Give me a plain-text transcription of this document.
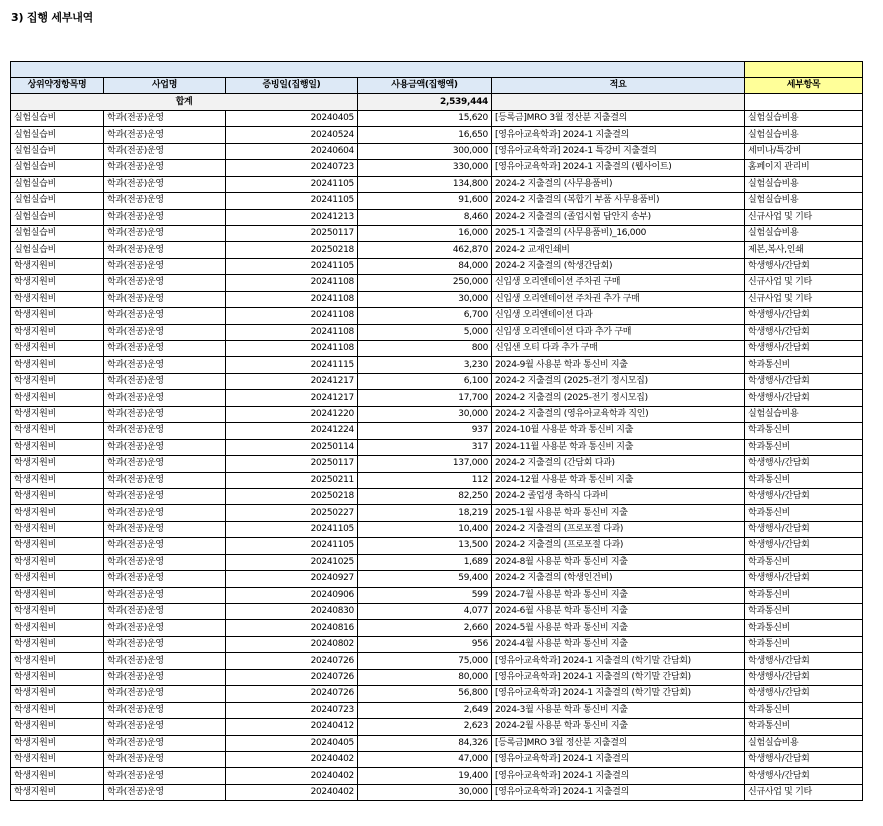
3) 집행 세부내역

상위약정항목명	사업명	증빙일(집행일)	사용금액(집행액)	적요	세부항목
합계			2,539,444		
실험실습비	학과(전공)운영	20240405	15,620	[등록금]MRO 3월 정산분 지출결의	실험실습비용
실험실습비	학과(전공)운영	20240524	16,650	[영유아교육학과] 2024-1 지출결의	실험실습비용
실험실습비	학과(전공)운영	20240604	300,000	[영유아교육학과] 2024-1 특강비 지출결의	세미나/특강비
실험실습비	학과(전공)운영	20240723	330,000	[영유아교육학과] 2024-1 지출결의 (웹사이트)	홈페이지 관리비
실험실습비	학과(전공)운영	20241105	134,800	2024-2 지출결의 (사무용품비)	실험실습비용
실험실습비	학과(전공)운영	20241105	91,600	2024-2 지출결의 (복합기 부품 사무용품비)	실험실습비용
실험실습비	학과(전공)운영	20241213	8,460	2024-2 지출결의 (졸업시험 답안지 송부)	신규사업 및 기타
실험실습비	학과(전공)운영	20250117	16,000	2025-1 지출결의 (사무용품비)_16,000	실험실습비용
실험실습비	학과(전공)운영	20250218	462,870	2024-2 교재인쇄비	제본,복사,인쇄
학생지원비	학과(전공)운영	20241105	84,000	2024-2 지출결의 (학생간담회)	학생행사/간담회
학생지원비	학과(전공)운영	20241108	250,000	신입생 오리엔테이션 주차권 구매	신규사업 및 기타
학생지원비	학과(전공)운영	20241108	30,000	신입생 오리엔테이션 주차권 추가 구매	신규사업 및 기타
학생지원비	학과(전공)운영	20241108	6,700	신입생 오리엔테이션 다과	학생행사/간담회
학생지원비	학과(전공)운영	20241108	5,000	신입생 오리엔테이션 다과 추가 구매	학생행사/간담회
학생지원비	학과(전공)운영	20241108	800	신입샌 오티 다과 추가 구매	학생행사/간담회
학생지원비	학과(전공)운영	20241115	3,230	2024-9월 사용분 학과 통신비 지출	학과통신비
학생지원비	학과(전공)운영	20241217	6,100	2024-2 지출결의 (2025-전기 정시모집)	학생행사/간담회
학생지원비	학과(전공)운영	20241217	17,700	2024-2 지출결의 (2025-전기 정시모집)	학생행사/간담회
학생지원비	학과(전공)운영	20241220	30,000	2024-2 지출결의 (영유아교육학과 직인)	실험실습비용
학생지원비	학과(전공)운영	20241224	937	2024-10월 사용분 학과 통신비 지출	학과통신비
학생지원비	학과(전공)운영	20250114	317	2024-11월 사용분 학과 통신비 지출	학과통신비
학생지원비	학과(전공)운영	20250117	137,000	2024-2 지출결의 (간담회 다과)	학생행사/간담회
학생지원비	학과(전공)운영	20250211	112	2024-12월 사용분 학과 통신비 지출	학과통신비
학생지원비	학과(전공)운영	20250218	82,250	2024-2 졸업생 축하식 다과비	학생행사/간담회
학생지원비	학과(전공)운영	20250227	18,219	2025-1월 사용분 학과 통신비 지출	학과통신비
학생지원비	학과(전공)운영	20241105	10,400	2024-2 지출결의 (프로포절 다과)	학생행사/간담회
학생지원비	학과(전공)운영	20241105	13,500	2024-2 지출결의 (프로포절 다과)	학생행사/간담회
학생지원비	학과(전공)운영	20241025	1,689	2024-8월 사용분 학과 통신비 지출	학과통신비
학생지원비	학과(전공)운영	20240927	59,400	2024-2 지출결의 (학생인건비)	학생행사/간담회
학생지원비	학과(전공)운영	20240906	599	2024-7월 사용분 학과 통신비 지출	학과통신비
학생지원비	학과(전공)운영	20240830	4,077	2024-6월 사용분 학과 통신비 지출	학과통신비
학생지원비	학과(전공)운영	20240816	2,660	2024-5월 사용분 학과 통신비 지출	학과통신비
학생지원비	학과(전공)운영	20240802	956	2024-4월 사용분 학과 통신비 지출	학과통신비
학생지원비	학과(전공)운영	20240726	75,000	[영유아교육학과] 2024-1 지출결의 (학기말 간담회)	학생행사/간담회
학생지원비	학과(전공)운영	20240726	80,000	[영유아교육학과] 2024-1 지출결의 (학기말 간담회)	학생행사/간담회
학생지원비	학과(전공)운영	20240726	56,800	[영유아교육학과] 2024-1 지출결의 (학기말 간담회)	학생행사/간담회
학생지원비	학과(전공)운영	20240723	2,649	2024-3월 사용분 학과 통신비 지출	학과통신비
학생지원비	학과(전공)운영	20240412	2,623	2024-2월 사용분 학과 통신비 지출	학과통신비
학생지원비	학과(전공)운영	20240405	84,326	[등록금]MRO 3월 정산분 지출결의	실험실습비용
학생지원비	학과(전공)운영	20240402	47,000	[영유아교육학과] 2024-1 지출결의	학생행사/간담회
학생지원비	학과(전공)운영	20240402	19,400	[영유아교육학과] 2024-1 지출결의	학생행사/간담회
학생지원비	학과(전공)운영	20240402	30,000	[영유아교육학과] 2024-1 지출결의	신규사업 및 기타
